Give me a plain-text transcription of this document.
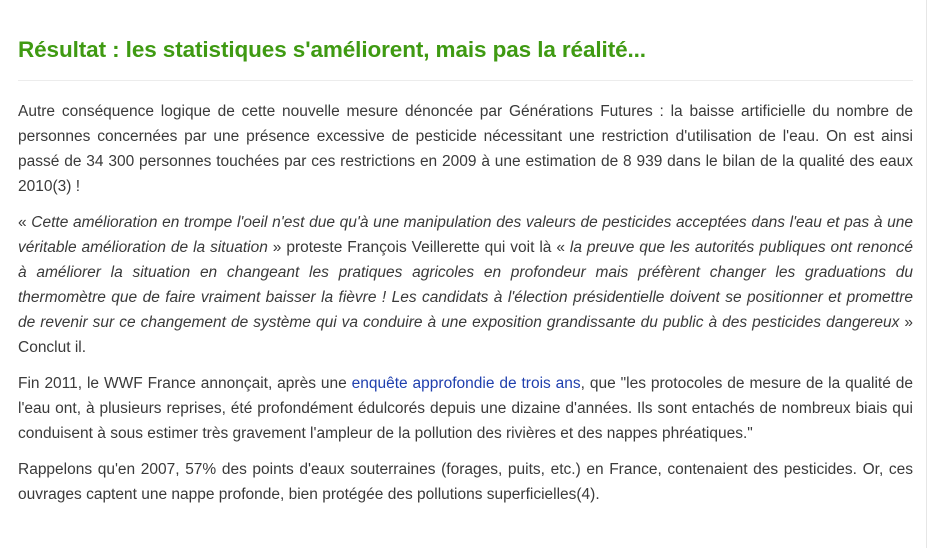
Résultat : les statistiques s'améliorent, mais pas la réalité...

Autre conséquence logique de cette nouvelle mesure dénoncée par Générations Futures : la baisse artificielle du nombre de personnes concernées par une présence excessive de pesticide nécessitant une restriction d'utilisation de l'eau. On est ainsi passé de 34 300 personnes touchées par ces restrictions en 2009 à une estimation de 8 939 dans le bilan de la qualité des eaux 2010(3) !

« Cette amélioration en trompe l'oeil n'est due qu'à une manipulation des valeurs de pesticides acceptées dans l'eau et pas à une véritable amélioration de la situation » proteste François Veillerette qui voit là « la preuve que les autorités publiques ont renoncé à améliorer la situation en changeant les pratiques agricoles en profondeur mais préfèrent changer les graduations du thermomètre que de faire vraiment baisser la fièvre ! Les candidats à l'élection présidentielle doivent se positionner et promettre de revenir sur ce changement de système qui va conduire à une exposition grandissante du public à des pesticides dangereux » Conclut il.

Fin 2011, le WWF France annonçait, après une enquête approfondie de trois ans, que "les protocoles de mesure de la qualité de l'eau ont, à plusieurs reprises, été profondément édulcorés depuis une dizaine d'années. Ils sont entachés de nombreux biais qui conduisent à sous estimer très gravement l'ampleur de la pollution des rivières et des nappes phréatiques."

Rappelons qu'en 2007, 57% des points d'eaux souterraines (forages, puits, etc.) en France, contenaient des pesticides. Or, ces ouvrages captent une nappe profonde, bien protégée des pollutions superficielles(4).
